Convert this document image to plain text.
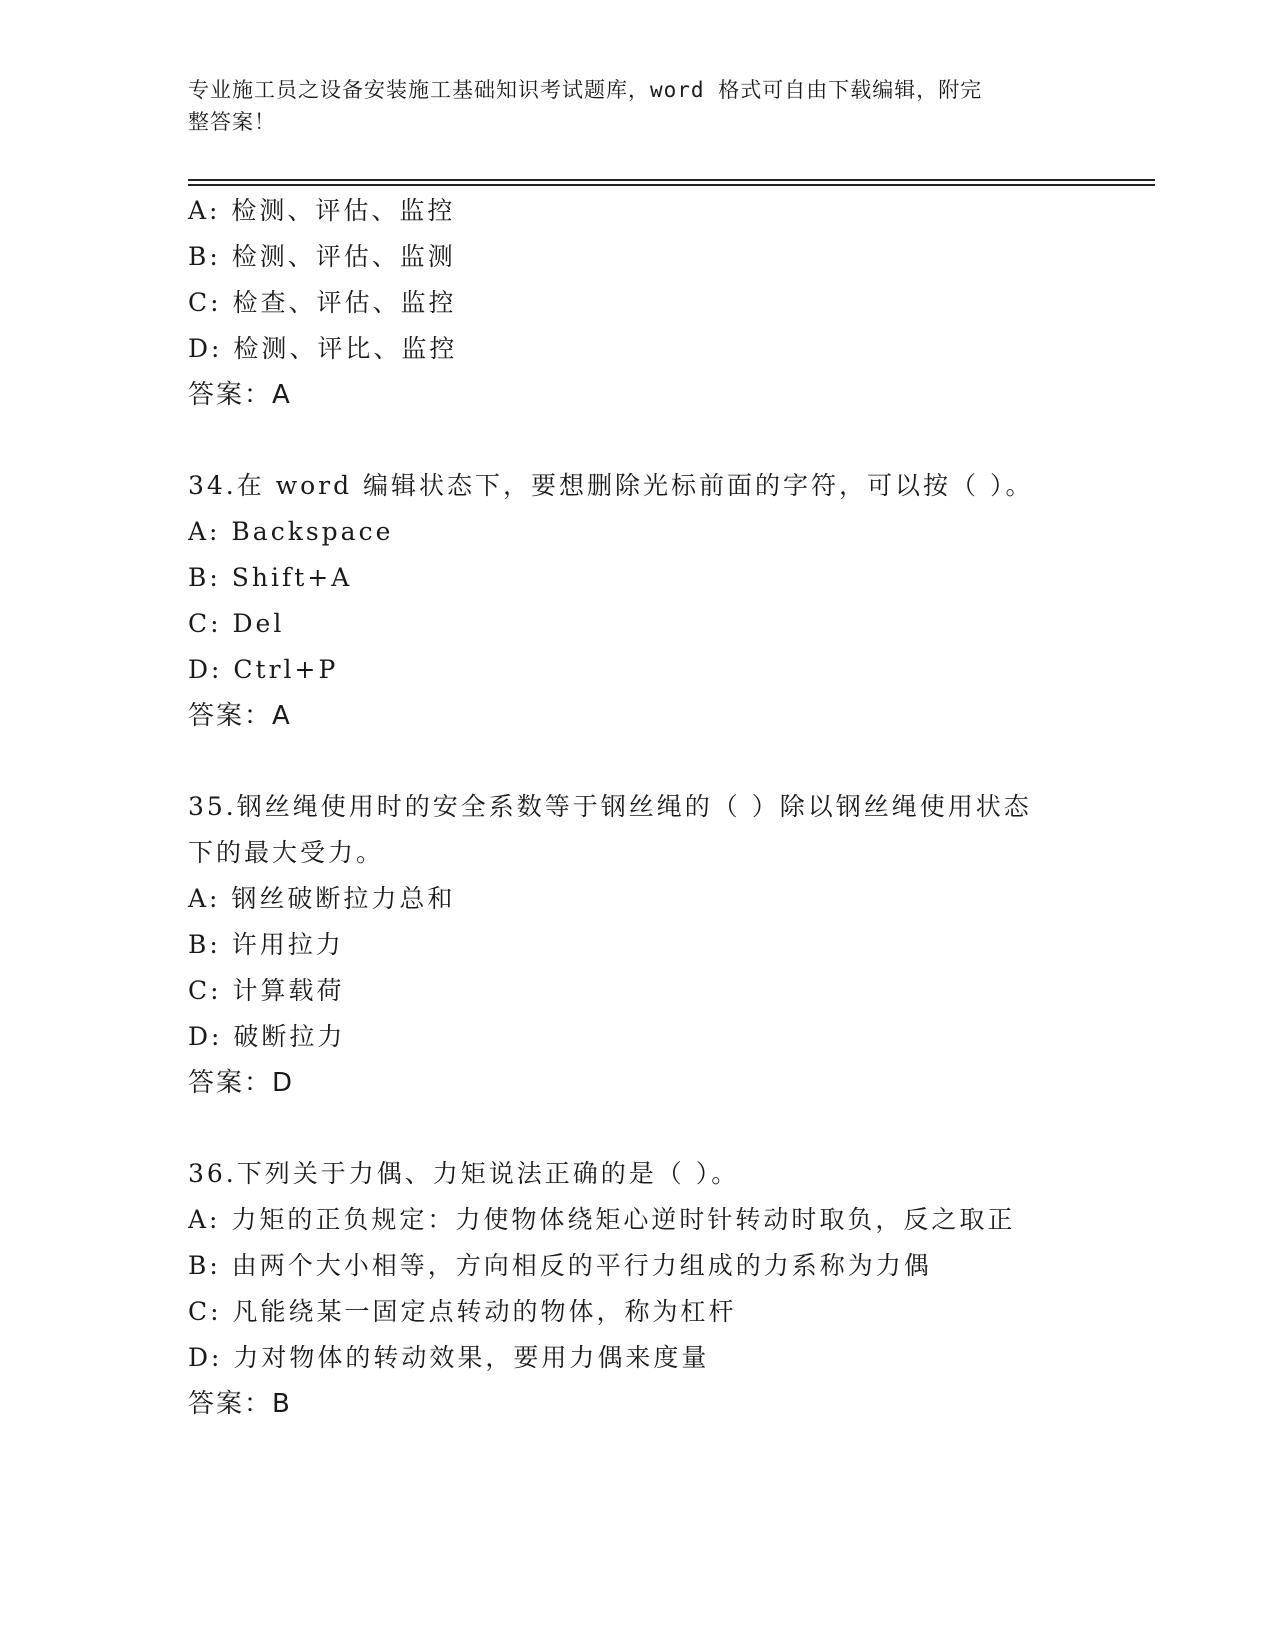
专业施工员之设备安装施工基础知识考试题库，word 格式可自由下载编辑，附完
整答案！
A: 检测、评估、监控
B: 检测、评估、监测
C: 检查、评估、监控
D: 检测、评比、监控
答案：A
34.在 word 编辑状态下，要想删除光标前面的字符，可以按（ ）。
A: Backspace
B: Shift+A
C: Del
D: Ctrl+P
答案：A
35.钢丝绳使用时的安全系数等于钢丝绳的（ ）除以钢丝绳使用状态
下的最大受力。
A: 钢丝破断拉力总和
B: 许用拉力
C: 计算载荷
D: 破断拉力
答案：D
36.下列关于力偶、力矩说法正确的是（ ）。
A: 力矩的正负规定：力使物体绕矩心逆时针转动时取负，反之取正
B: 由两个大小相等，方向相反的平行力组成的力系称为力偶
C: 凡能绕某一固定点转动的物体，称为杠杆
D: 力对物体的转动效果，要用力偶来度量
答案：B
